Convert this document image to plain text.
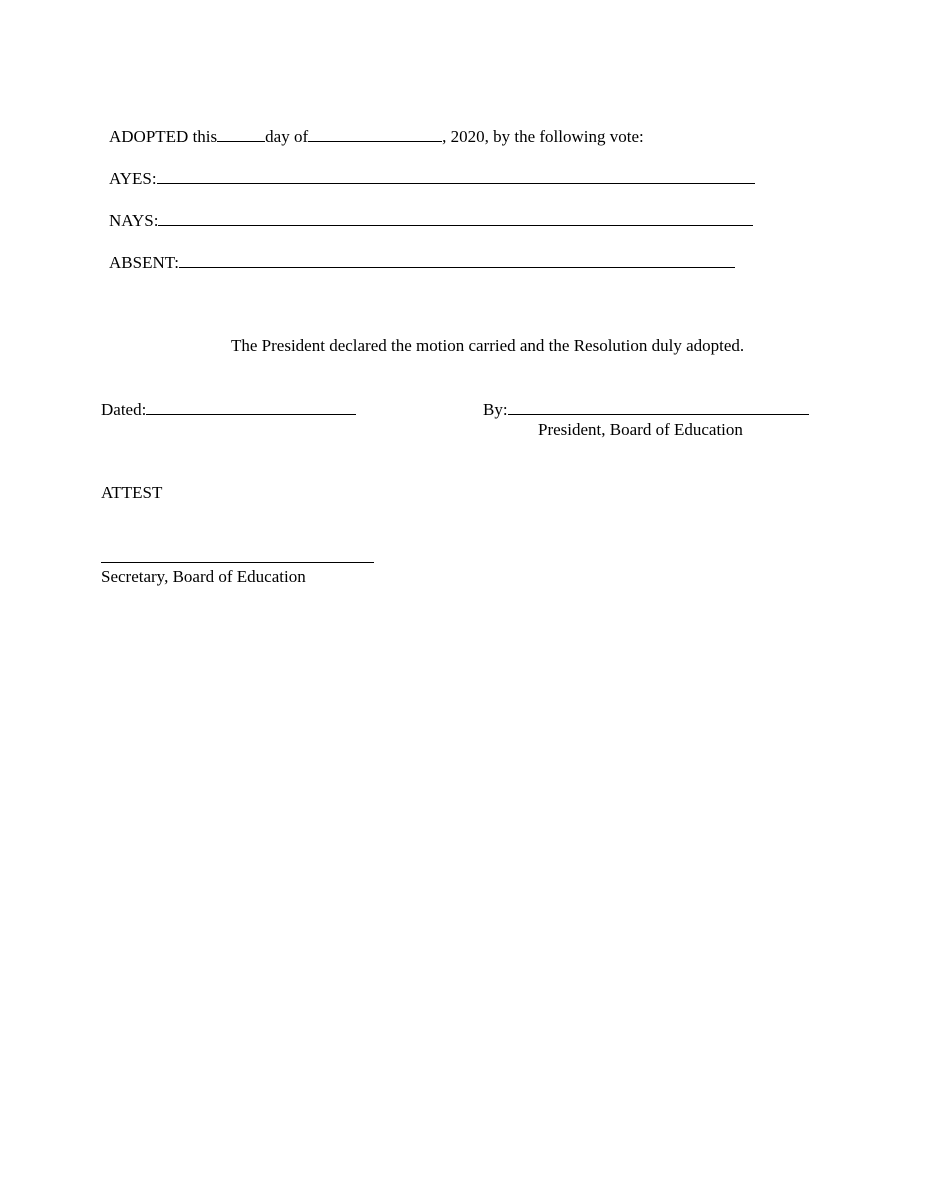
ADOPTED this	day of	, 2020, by the following vote:
AYES:
NAYS:
ABSENT:
The President declared the motion carried and the Resolution duly adopted.
Dated:	By:
President, Board of Education
ATTEST
Secretary, Board of Education
